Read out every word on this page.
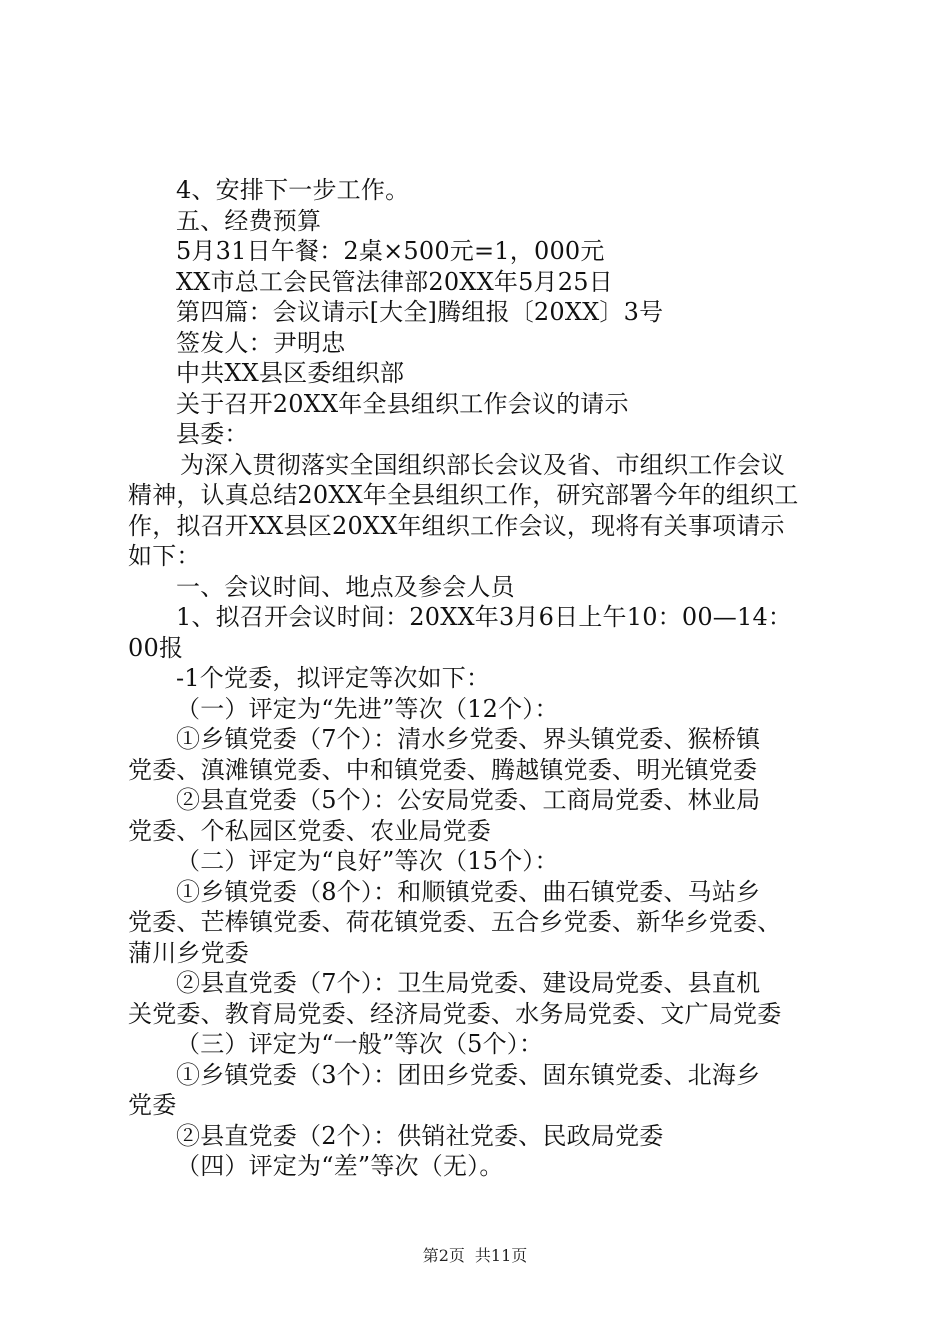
4、安排下一步工作。
五、经费预算
5月31日午餐：2桌×500元=1，000元
XX市总工会民管法律部20XX年5月25日
第四篇：会议请示[大全]腾组报〔20XX〕3号
签发人：尹明忠
中共XX县区委组织部
关于召开20XX年全县组织工作会议的请示
县委：
为深入贯彻落实全国组织部长会议及省、市组织工作会议
精神，认真总结20XX年全县组织工作，研究部署今年的组织工
作，拟召开XX县区20XX年组织工作会议，现将有关事项请示
如下：
一、会议时间、地点及参会人员
1、拟召开会议时间：20XX年3月6日上午10：00—14：
00报
-1个党委，拟评定等次如下：
（一）评定为“先进”等次（12个）：
①乡镇党委（7个）：清水乡党委、界头镇党委、猴桥镇
党委、滇滩镇党委、中和镇党委、腾越镇党委、明光镇党委
②县直党委（5个）：公安局党委、工商局党委、林业局
党委、个私园区党委、农业局党委
（二）评定为“良好”等次（15个）：
①乡镇党委（8个）：和顺镇党委、曲石镇党委、马站乡
党委、芒棒镇党委、荷花镇党委、五合乡党委、新华乡党委、
蒲川乡党委
②县直党委（7个）：卫生局党委、建设局党委、县直机
关党委、教育局党委、经济局党委、水务局党委、文广局党委
（三）评定为“一般”等次（5个）：
①乡镇党委（3个）：团田乡党委、固东镇党委、北海乡
党委
②县直党委（2个）：供销社党委、民政局党委
（四）评定为“差”等次（无）。
第2页 共11页
